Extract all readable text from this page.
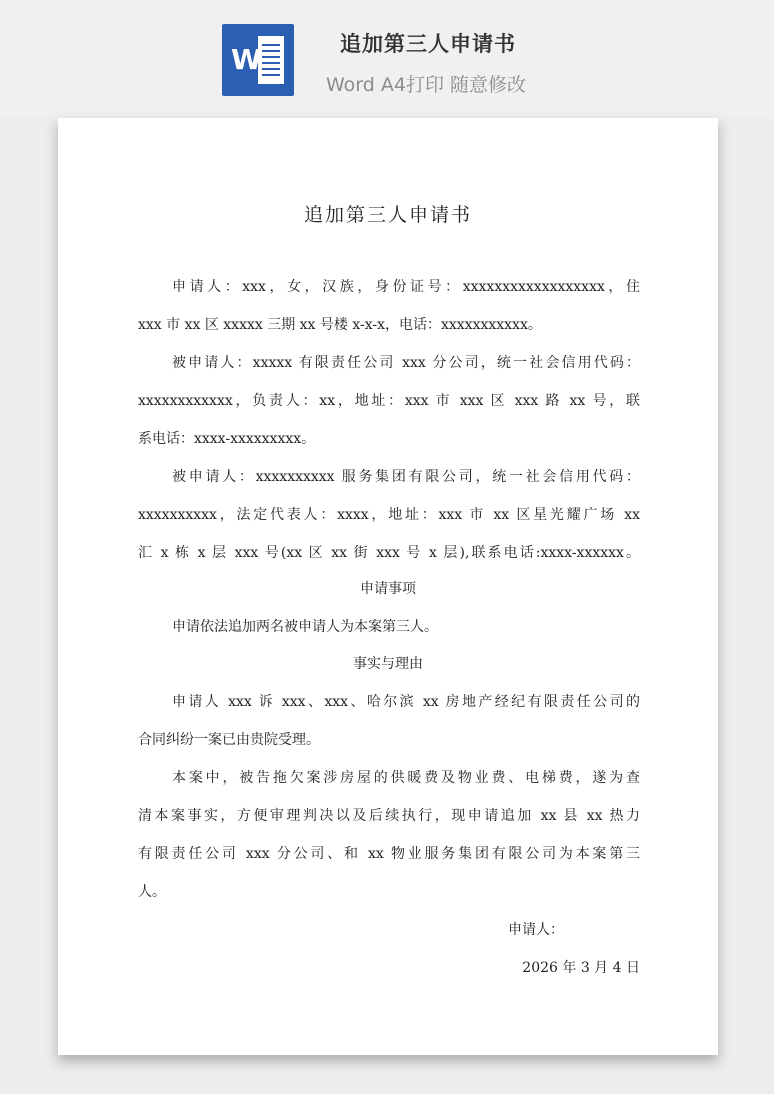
W	追加第三人申请书
Word A4打印 随意修改
追加第三人申请书
申请人：xxx，女，汉族，身份证号：xxxxxxxxxxxxxxxxxx，住
xxx 市 xx 区 xxxxx 三期 xx 号楼 x-x-x，电话：xxxxxxxxxxx。
被申请人：xxxxx 有限责任公司 xxx 分公司，统一社会信用代码：
xxxxxxxxxxxx，负责人：xx，地址：xxx 市 xxx 区 xxx 路 xx 号，联
系电话：xxxx-xxxxxxxxx。
被申请人：xxxxxxxxxx 服务集团有限公司，统一社会信用代码：
xxxxxxxxxx，法定代表人：xxxx，地址：xxx 市 xx 区星光耀广场 xx
汇 x 栋 x 层 xxx 号(xx 区 xx 街 xxx 号 x 层),联系电话:xxxx-xxxxxx。
申请事项
申请依法追加两名被申请人为本案第三人。
事实与理由
申请人 xxx 诉 xxx、xxx、哈尔滨 xx 房地产经纪有限责任公司的
合同纠纷一案已由贵院受理。
本案中，被告拖欠案涉房屋的供暖费及物业费、电梯费，遂为查
清本案事实，方便审理判决以及后续执行，现申请追加 xx 县 xx 热力
有限责任公司 xxx 分公司、和 xx 物业服务集团有限公司为本案第三
人。
申请人：
2026 年 3 月 4 日
